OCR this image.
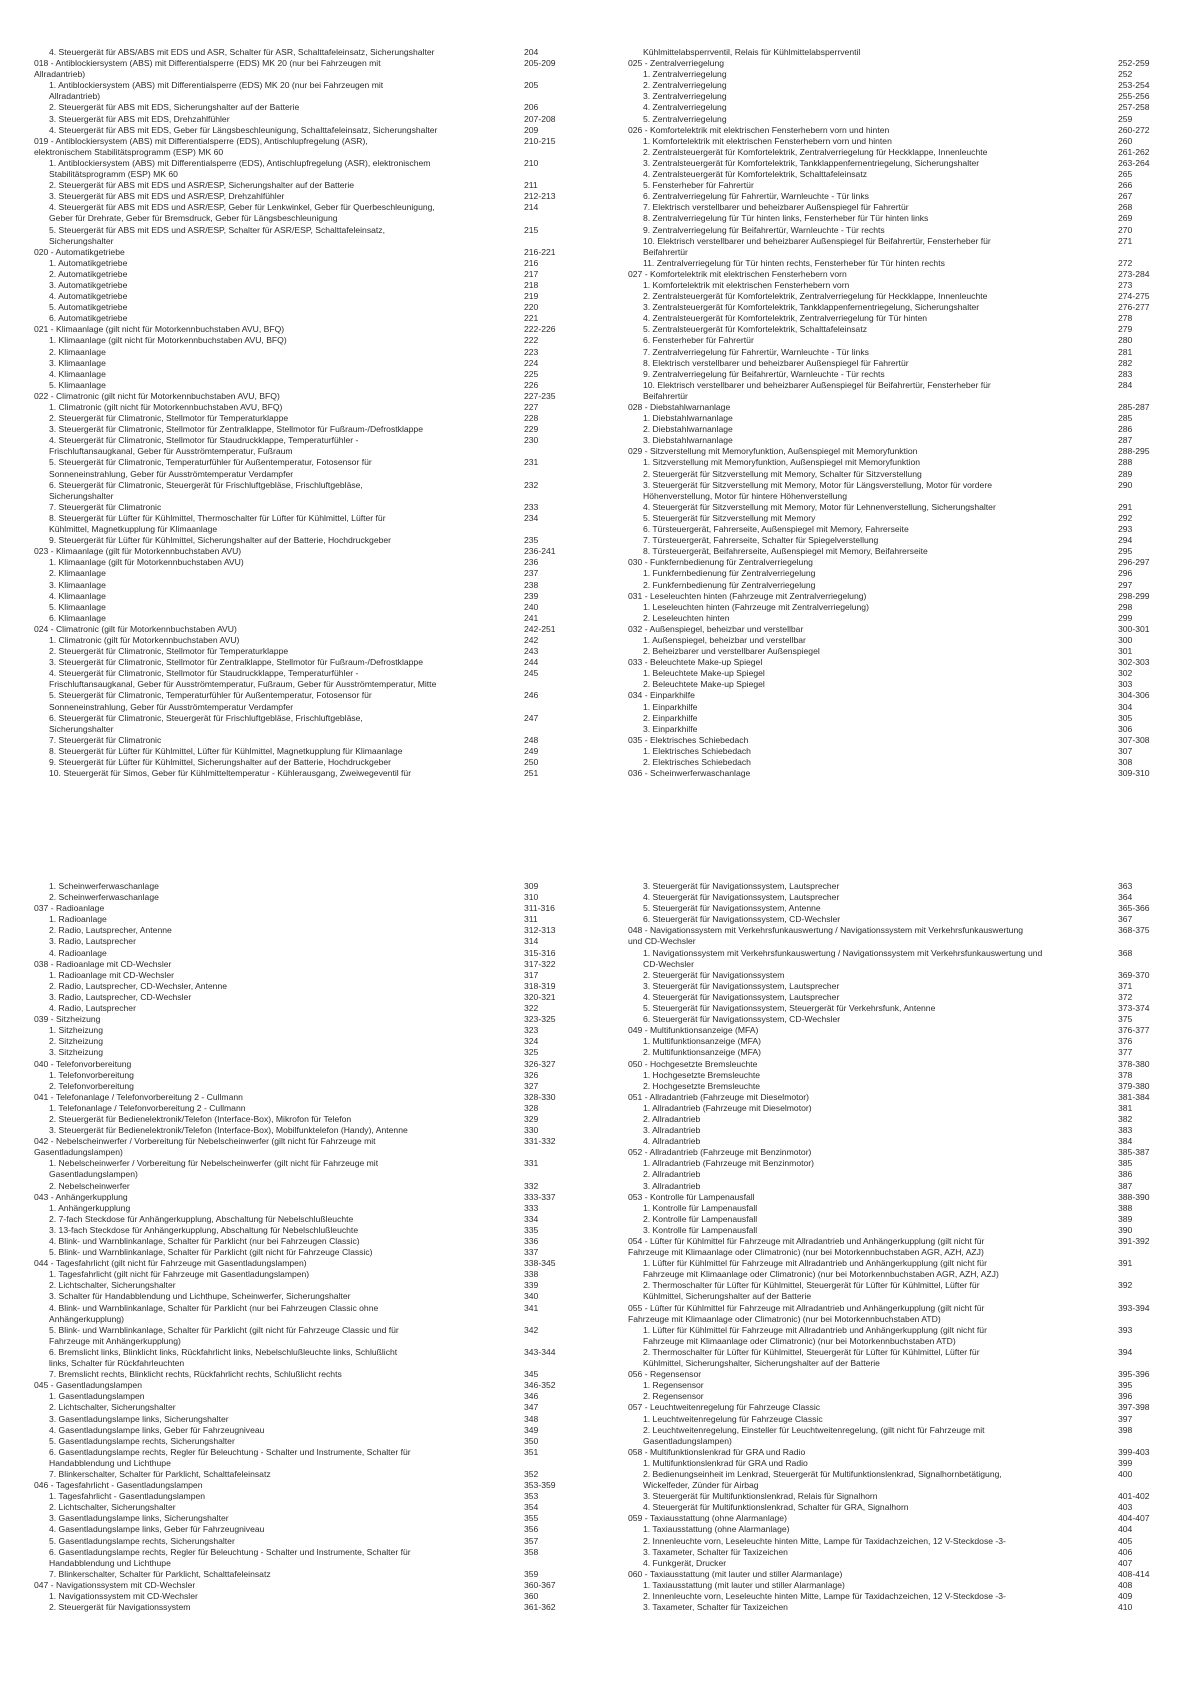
4. Steuergerät für ABS/ABS mit EDS und ASR, Schalter für ASR, Schalttafeleinsatz, Sicherungshalter	204
018 - Antiblockiersystem (ABS) mit Differentialsperre (EDS) MK 20 (nur bei Fahrzeugen mit	205-209
Allradantrieb)
1. Antiblockiersystem (ABS) mit Differentialsperre (EDS) MK 20 (nur bei Fahrzeugen mit	205
Allradantrieb)
2. Steuergerät für ABS mit EDS, Sicherungshalter auf der Batterie	206
3. Steuergerät für ABS mit EDS, Drehzahlfühler	207-208
4. Steuergerät für ABS mit EDS, Geber für Längsbeschleunigung, Schalttafeleinsatz, Sicherungshalter	209
019 - Antiblockiersystem (ABS) mit Differentialsperre (EDS), Antischlupfregelung (ASR),	210-215
elektronischem Stabilitätsprogramm (ESP) MK 60
1. Antiblockiersystem (ABS) mit Differentialsperre (EDS), Antischlupfregelung (ASR), elektronischem	210
Stabilitätsprogramm (ESP) MK 60
2. Steuergerät für ABS mit EDS und ASR/ESP, Sicherungshalter auf der Batterie	211
3. Steuergerät für ABS mit EDS und ASR/ESP, Drehzahlfühler	212-213
4. Steuergerät für ABS mit EDS und ASR/ESP, Geber für Lenkwinkel, Geber für Querbeschleunigung,	214
Geber für Drehrate, Geber für Bremsdruck, Geber für Längsbeschleunigung
5. Steuergerät für ABS mit EDS und ASR/ESP, Schalter für ASR/ESP, Schalttafeleinsatz,	215
Sicherungshalter
020 - Automatikgetriebe	216-221
1. Automatikgetriebe	216
2. Automatikgetriebe	217
3. Automatikgetriebe	218
4. Automatikgetriebe	219
5. Automatikgetriebe	220
6. Automatikgetriebe	221
021 - Klimaanlage (gilt nicht für Motorkennbuchstaben AVU, BFQ)	222-226
1. Klimaanlage (gilt nicht für Motorkennbuchstaben AVU, BFQ)	222
2. Klimaanlage	223
3. Klimaanlage	224
4. Klimaanlage	225
5. Klimaanlage	226
022 - Climatronic (gilt nicht für Motorkennbuchstaben AVU, BFQ)	227-235
1. Climatronic (gilt nicht für Motorkennbuchstaben AVU, BFQ)	227
2. Steuergerät für Climatronic, Stellmotor für Temperaturklappe	228
3. Steuergerät für Climatronic, Stellmotor für Zentralklappe, Stellmotor für Fußraum-/Defrostklappe	229
4. Steuergerät für Climatronic, Stellmotor für Staudruckklappe, Temperaturfühler -	230
Frischluftansaugkanal, Geber für Ausströmtemperatur, Fußraum
5. Steuergerät für Climatronic, Temperaturfühler für Außentemperatur, Fotosensor für	231
Sonneneinstrahlung, Geber für Ausströmtemperatur Verdampfer
6. Steuergerät für Climatronic, Steuergerät für Frischluftgebläse, Frischluftgebläse,	232
Sicherungshalter
7. Steuergerät für Climatronic	233
8. Steuergerät für Lüfter für Kühlmittel, Thermoschalter für Lüfter für Kühlmittel, Lüfter für	234
Kühlmittel, Magnetkupplung für Klimaanlage
9. Steuergerät für Lüfter für Kühlmittel, Sicherungshalter auf der Batterie, Hochdruckgeber	235
023 - Klimaanlage (gilt für Motorkennbuchstaben AVU)	236-241
1. Klimaanlage (gilt für Motorkennbuchstaben AVU)	236
2. Klimaanlage	237
3. Klimaanlage	238
4. Klimaanlage	239
5. Klimaanlage	240
6. Klimaanlage	241
024 - Climatronic (gilt für Motorkennbuchstaben AVU)	242-251
1. Climatronic (gilt für Motorkennbuchstaben AVU)	242
2. Steuergerät für Climatronic, Stellmotor für Temperaturklappe	243
3. Steuergerät für Climatronic, Stellmotor für Zentralklappe, Stellmotor für Fußraum-/Defrostklappe	244
4. Steuergerät für Climatronic, Stellmotor für Staudruckklappe, Temperaturfühler -	245
Frischluftansaugkanal, Geber für Ausströmtemperatur, Fußraum, Geber für Ausströmtemperatur, Mitte
5. Steuergerät für Climatronic, Temperaturfühler für Außentemperatur, Fotosensor für	246
Sonneneinstrahlung, Geber für Ausströmtemperatur Verdampfer
6. Steuergerät für Climatronic, Steuergerät für Frischluftgebläse, Frischluftgebläse,	247
Sicherungshalter
7. Steuergerät für Climatronic	248
8. Steuergerät für Lüfter für Kühlmittel, Lüfter für Kühlmittel, Magnetkupplung für Klimaanlage	249
9. Steuergerät für Lüfter für Kühlmittel, Sicherungshalter auf der Batterie, Hochdruckgeber	250
10. Steuergerät für Simos, Geber für Kühlmitteltemperatur - Kühlerausgang, Zweiwegeventil für	251
Kühlmittelabsperrventil, Relais für Kühlmittelabsperrventil
025 - Zentralverriegelung	252-259
1. Zentralverriegelung	252
2. Zentralverriegelung	253-254
3. Zentralverriegelung	255-256
4. Zentralverriegelung	257-258
5. Zentralverriegelung	259
026 - Komfortelektrik mit elektrischen Fensterhebern vorn und hinten	260-272
1. Komfortelektrik mit elektrischen Fensterhebern vorn und hinten	260
2. Zentralsteuergerät für Komfortelektrik, Zentralverriegelung für Heckklappe, Innenleuchte	261-262
3. Zentralsteuergerät für Komfortelektrik, Tankklappenfernentriegelung, Sicherungshalter	263-264
4. Zentralsteuergerät für Komfortelektrik, Schalttafeleinsatz	265
5. Fensterheber für Fahrertür	266
6. Zentralverriegelung für Fahrertür, Warnleuchte - Tür links	267
7. Elektrisch verstellbarer und beheizbarer Außenspiegel für Fahrertür	268
8. Zentralverriegelung für Tür hinten links, Fensterheber für Tür hinten links	269
9. Zentralverriegelung für Beifahrertür, Warnleuchte - Tür rechts	270
10. Elektrisch verstellbarer und beheizbarer Außenspiegel für Beifahrertür, Fensterheber für	271
Beifahrertür
11. Zentralverriegelung für Tür hinten rechts, Fensterheber für Tür hinten rechts	272
027 - Komfortelektrik mit elektrischen Fensterhebern vorn	273-284
1. Komfortelektrik mit elektrischen Fensterhebern vorn	273
2. Zentralsteuergerät für Komfortelektrik, Zentralverriegelung für Heckklappe, Innenleuchte	274-275
3. Zentralsteuergerät für Komfortelektrik, Tankklappenfernentriegelung, Sicherungshalter	276-277
4. Zentralsteuergerät für Komfortelektrik, Zentralverriegelung für Tür hinten	278
5. Zentralsteuergerät für Komfortelektrik, Schalttafeleinsatz	279
6. Fensterheber für Fahrertür	280
7. Zentralverriegelung für Fahrertür, Warnleuchte - Tür links	281
8. Elektrisch verstellbarer und beheizbarer Außenspiegel für Fahrertür	282
9. Zentralverriegelung für Beifahrertür, Warnleuchte - Tür rechts	283
10. Elektrisch verstellbarer und beheizbarer Außenspiegel für Beifahrertür, Fensterheber für	284
Beifahrertür
028 - Diebstahlwarnanlage	285-287
1. Diebstahlwarnanlage	285
2. Diebstahlwarnanlage	286
3. Diebstahlwarnanlage	287
029 - Sitzverstellung mit Memoryfunktion, Außenspiegel mit Memoryfunktion	288-295
1. Sitzverstellung mit Memoryfunktion, Außenspiegel mit Memoryfunktion	288
2. Steuergerät für Sitzverstellung mit Memory, Schalter für Sitzverstellung	289
3. Steuergerät für Sitzverstellung mit Memory, Motor für Längsverstellung, Motor für vordere	290
Höhenverstellung, Motor für hintere Höhenverstellung
4. Steuergerät für Sitzverstellung mit Memory, Motor für Lehnenverstellung, Sicherungshalter	291
5. Steuergerät für Sitzverstellung mit Memory	292
6. Türsteuergerät, Fahrerseite, Außenspiegel mit Memory, Fahrerseite	293
7. Türsteuergerät, Fahrerseite, Schalter für Spiegelverstellung	294
8. Türsteuergerät, Beifahrerseite, Außenspiegel mit Memory, Beifahrerseite	295
030 - Funkfernbedienung für Zentralverriegelung	296-297
1. Funkfernbedienung für Zentralverriegelung	296
2. Funkfernbedienung für Zentralverriegelung	297
031 - Leseleuchten hinten (Fahrzeuge mit Zentralverriegelung)	298-299
1. Leseleuchten hinten (Fahrzeuge mit Zentralverriegelung)	298
2. Leseleuchten hinten	299
032 - Außenspiegel, beheizbar und verstellbar	300-301
1. Außenspiegel, beheizbar und verstellbar	300
2. Beheizbarer und verstellbarer Außenspiegel	301
033 - Beleuchtete Make-up Spiegel	302-303
1. Beleuchtete Make-up Spiegel	302
2. Beleuchtete Make-up Spiegel	303
034 - Einparkhilfe	304-306
1. Einparkhilfe	304
2. Einparkhilfe	305
3. Einparkhilfe	306
035 - Elektrisches Schiebedach	307-308
1. Elektrisches Schiebedach	307
2. Elektrisches Schiebedach	308
036 - Scheinwerferwaschanlage	309-310
1. Scheinwerferwaschanlage	309
2. Scheinwerferwaschanlage	310
037 - Radioanlage	311-316
1. Radioanlage	311
2. Radio, Lautsprecher, Antenne	312-313
3. Radio, Lautsprecher	314
4. Radioanlage	315-316
038 - Radioanlage mit CD-Wechsler	317-322
1. Radioanlage mit CD-Wechsler	317
2. Radio, Lautsprecher, CD-Wechsler, Antenne	318-319
3. Radio, Lautsprecher, CD-Wechsler	320-321
4. Radio, Lautsprecher	322
039 - Sitzheizung	323-325
1. Sitzheizung	323
2. Sitzheizung	324
3. Sitzheizung	325
040 - Telefonvorbereitung	326-327
1. Telefonvorbereitung	326
2. Telefonvorbereitung	327
041 - Telefonanlage / Telefonvorbereitung 2 - Cullmann	328-330
1. Telefonanlage / Telefonvorbereitung 2 - Cullmann	328
2. Steuergerät für Bedienelektronik/Telefon (Interface-Box), Mikrofon für Telefon	329
3. Steuergerät für Bedienelektronik/Telefon (Interface-Box), Mobilfunktelefon (Handy), Antenne	330
042 - Nebelscheinwerfer / Vorbereitung für Nebelscheinwerfer (gilt nicht für Fahrzeuge mit	331-332
Gasentladungslampen)
1. Nebelscheinwerfer / Vorbereitung für Nebelscheinwerfer (gilt nicht für Fahrzeuge mit	331
Gasentladungslampen)
2. Nebelscheinwerfer	332
043 - Anhängerkupplung	333-337
1. Anhängerkupplung	333
2. 7-fach Steckdose für Anhängerkupplung, Abschaltung für Nebelschlußleuchte	334
3. 13-fach Steckdose für Anhängerkupplung, Abschaltung für Nebelschlußleuchte	335
4. Blink- und Warnblinkanlage, Schalter für Parklicht (nur bei Fahrzeugen Classic)	336
5. Blink- und Warnblinkanlage, Schalter für Parklicht (gilt nicht für Fahrzeuge Classic)	337
044 - Tagesfahrlicht (gilt nicht für Fahrzeuge mit Gasentladungslampen)	338-345
1. Tagesfahrlicht (gilt nicht für Fahrzeuge mit Gasentladungslampen)	338
2. Lichtschalter, Sicherungshalter	339
3. Schalter für Handabblendung und Lichthupe, Scheinwerfer, Sicherungshalter	340
4. Blink- und Warnblinkanlage, Schalter für Parklicht (nur bei Fahrzeugen Classic ohne	341
Anhängerkupplung)
5. Blink- und Warnblinkanlage, Schalter für Parklicht (gilt nicht für Fahrzeuge Classic und für	342
Fahrzeuge mit Anhängerkupplung)
6. Bremslicht links, Blinklicht links, Rückfahrlicht links, Nebelschlußleuchte links, Schlußlicht	343-344
links, Schalter für Rückfahrleuchten
7. Bremslicht rechts, Blinklicht rechts, Rückfahrlicht rechts, Schlußlicht rechts	345
045 - Gasentladungslampen	346-352
1. Gasentladungslampen	346
2. Lichtschalter, Sicherungshalter	347
3. Gasentladungslampe links, Sicherungshalter	348
4. Gasentladungslampe links, Geber für Fahrzeugniveau	349
5. Gasentladungslampe rechts, Sicherungshalter	350
6. Gasentladungslampe rechts, Regler für Beleuchtung - Schalter und Instrumente, Schalter für	351
Handabblendung und Lichthupe
7. Blinkerschalter, Schalter für Parklicht, Schalttafeleinsatz	352
046 - Tagesfahrlicht - Gasentladungslampen	353-359
1. Tagesfahrlicht - Gasentladungslampen	353
2. Lichtschalter, Sicherungshalter	354
3. Gasentladungslampe links, Sicherungshalter	355
4. Gasentladungslampe links, Geber für Fahrzeugniveau	356
5. Gasentladungslampe rechts, Sicherungshalter	357
6. Gasentladungslampe rechts, Regler für Beleuchtung - Schalter und Instrumente, Schalter für	358
Handabblendung und Lichthupe
7. Blinkerschalter, Schalter für Parklicht, Schalttafeleinsatz	359
047 - Navigationssystem mit CD-Wechsler	360-367
1. Navigationssystem mit CD-Wechsler	360
2. Steuergerät für Navigationssystem	361-362
3. Steuergerät für Navigationssystem, Lautsprecher	363
4. Steuergerät für Navigationssystem, Lautsprecher	364
5. Steuergerät für Navigationssystem, Antenne	365-366
6. Steuergerät für Navigationssystem, CD-Wechsler	367
048 - Navigationssystem mit Verkehrsfunkauswertung / Navigationssystem mit Verkehrsfunkauswertung	368-375
und CD-Wechsler
1. Navigationssystem mit Verkehrsfunkauswertung / Navigationssystem mit Verkehrsfunkauswertung und	368
CD-Wechsler
2. Steuergerät für Navigationssystem	369-370
3. Steuergerät für Navigationssystem, Lautsprecher	371
4. Steuergerät für Navigationssystem, Lautsprecher	372
5. Steuergerät für Navigationssystem, Steuergerät für Verkehrsfunk, Antenne	373-374
6. Steuergerät für Navigationssystem, CD-Wechsler	375
049 - Multifunktionsanzeige (MFA)	376-377
1. Multifunktionsanzeige (MFA)	376
2. Multifunktionsanzeige (MFA)	377
050 - Hochgesetzte Bremsleuchte	378-380
1. Hochgesetzte Bremsleuchte	378
2. Hochgesetzte Bremsleuchte	379-380
051 - Allradantrieb (Fahrzeuge mit Dieselmotor)	381-384
1. Allradantrieb (Fahrzeuge mit Dieselmotor)	381
2. Allradantrieb	382
3. Allradantrieb	383
4. Allradantrieb	384
052 - Allradantrieb (Fahrzeuge mit Benzinmotor)	385-387
1. Allradantrieb (Fahrzeuge mit Benzinmotor)	385
2. Allradantrieb	386
3. Allradantrieb	387
053 - Kontrolle für Lampenausfall	388-390
1. Kontrolle für Lampenausfall	388
2. Kontrolle für Lampenausfall	389
3. Kontrolle für Lampenausfall	390
054 - Lüfter für Kühlmittel für Fahrzeuge mit Allradantrieb und Anhängerkupplung (gilt nicht für	391-392
Fahrzeuge mit Klimaanlage oder Climatronic) (nur bei Motorkennbuchstaben AGR, AZH, AZJ)
1. Lüfter für Kühlmittel für Fahrzeuge mit Allradantrieb und Anhängerkupplung (gilt nicht für	391
Fahrzeuge mit Klimaanlage oder Climatronic) (nur bei Motorkennbuchstaben AGR, AZH, AZJ)
2. Thermoschalter für Lüfter für Kühlmittel, Steuergerät für Lüfter für Kühlmittel, Lüfter für	392
Kühlmittel, Sicherungshalter auf der Batterie
055 - Lüfter für Kühlmittel für Fahrzeuge mit Allradantrieb und Anhängerkupplung (gilt nicht für	393-394
Fahrzeuge mit Klimaanlage oder Climatronic) (nur bei Motorkennbuchstaben ATD)
1. Lüfter für Kühlmittel für Fahrzeuge mit Allradantrieb und Anhängerkupplung (gilt nicht für	393
Fahrzeuge mit Klimaanlage oder Climatronic) (nur bei Motorkennbuchstaben ATD)
2. Thermoschalter für Lüfter für Kühlmittel, Steuergerät für Lüfter für Kühlmittel, Lüfter für	394
Kühlmittel, Sicherungshalter, Sicherungshalter auf der Batterie
056 - Regensensor	395-396
1. Regensensor	395
2. Regensensor	396
057 - Leuchtweitenregelung für Fahrzeuge Classic	397-398
1. Leuchtweitenregelung für Fahrzeuge Classic	397
2. Leuchtweitenregelung, Einsteller für Leuchtweitenregelung, (gilt nicht für Fahrzeuge mit	398
Gasentladungslampen)
058 - Multifunktionslenkrad für GRA und Radio	399-403
1. Multifunktionslenkrad für GRA und Radio	399
2. Bedienungseinheit im Lenkrad, Steuergerät für Multifunktionslenkrad, Signalhornbetätigung,	400
Wickelfeder, Zünder für Airbag
3. Steuergerät für Multifunktionslenkrad, Relais für Signalhorn	401-402
4. Steuergerät für Multifunktionslenkrad, Schalter für GRA, Signalhorn	403
059 - Taxiausstattung (ohne Alarmanlage)	404-407
1. Taxiausstattung (ohne Alarmanlage)	404
2. Innenleuchte vorn, Leseleuchte hinten Mitte, Lampe für Taxidachzeichen, 12 V-Steckdose -3-	405
3. Taxameter, Schalter für Taxizeichen	406
4. Funkgerät, Drucker	407
060 - Taxiausstattung (mit lauter und stiller Alarmanlage)	408-414
1. Taxiausstattung (mit lauter und stiller Alarmanlage)	408
2. Innenleuchte vorn, Leseleuchte hinten Mitte, Lampe für Taxidachzeichen, 12 V-Steckdose -3-	409
3. Taxameter, Schalter für Taxizeichen	410
